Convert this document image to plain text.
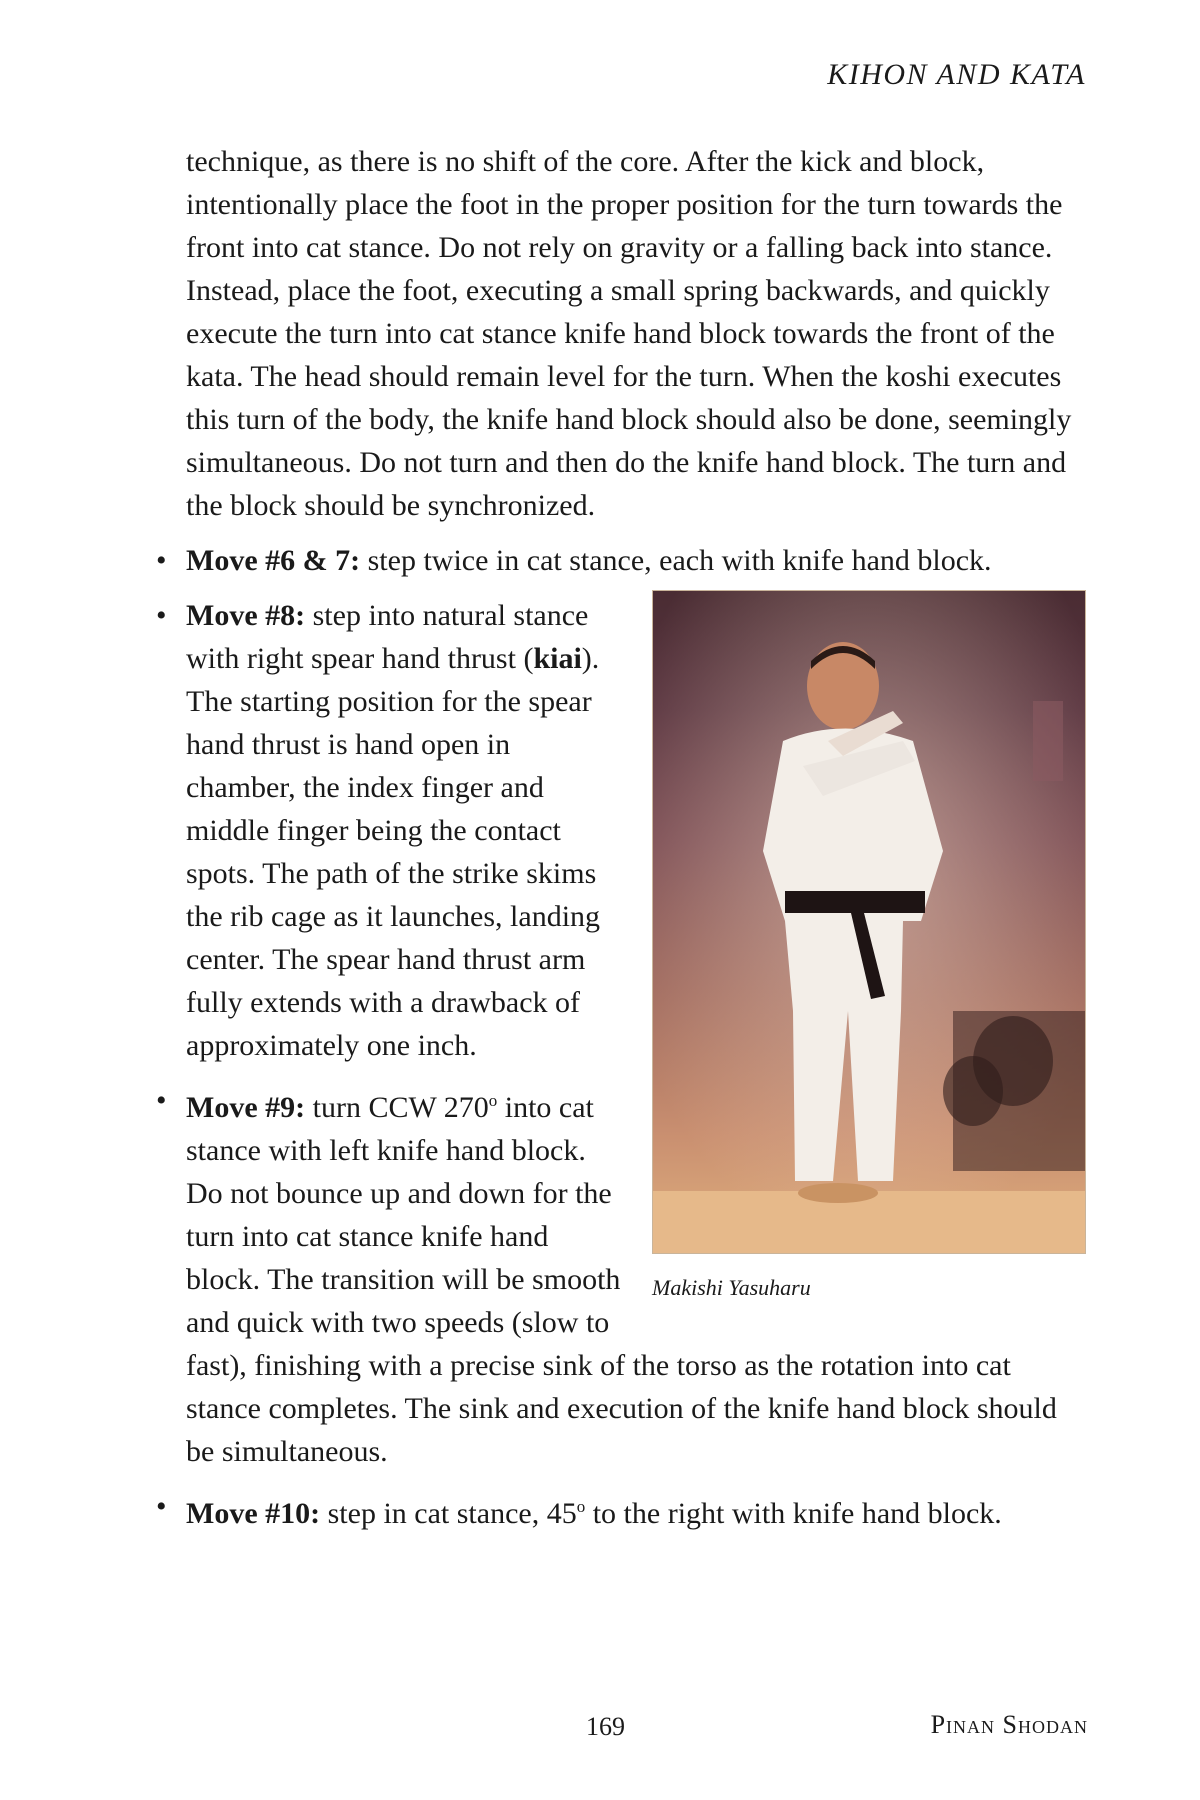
KIHON AND KATA

technique, as there is no shift of the core. After the kick and block, intentionally place the foot in the proper position for the turn towards the front into cat stance. Do not rely on gravity or a falling back into stance. Instead, place the foot, executing a small spring backwards, and quickly execute the turn into cat stance knife hand block towards the front of the kata. The head should remain level for the turn. When the koshi executes this turn of the body, the knife hand block should also be done, seemingly simultaneous. Do not turn and then do the knife hand block. The turn and the block should be synchronized.

• Move #6 & 7: step twice in cat stance, each with knife hand block.
Makishi Yasuharu
• Move #8: step into natural stance with right spear hand thrust (kiai). The starting position for the spear hand thrust is hand open in chamber, the index finger and middle finger being the contact spots. The path of the strike skims the rib cage as it launches, landing center. The spear hand thrust arm fully extends with a drawback of approximately one inch.
• Move #9: turn CCW 270$^o$ into cat stance with left knife hand block. Do not bounce up and down for the turn into cat stance knife hand block. The transition will be smooth and quick with two speeds (slow to fast), finishing with a precise sink of the torso as the rotation into cat stance completes. The sink and execution of the knife hand block should be simultaneous.
• Move #10: step in cat stance, 45$^o$ to the right with knife hand block.
169	Pinan Shodan
